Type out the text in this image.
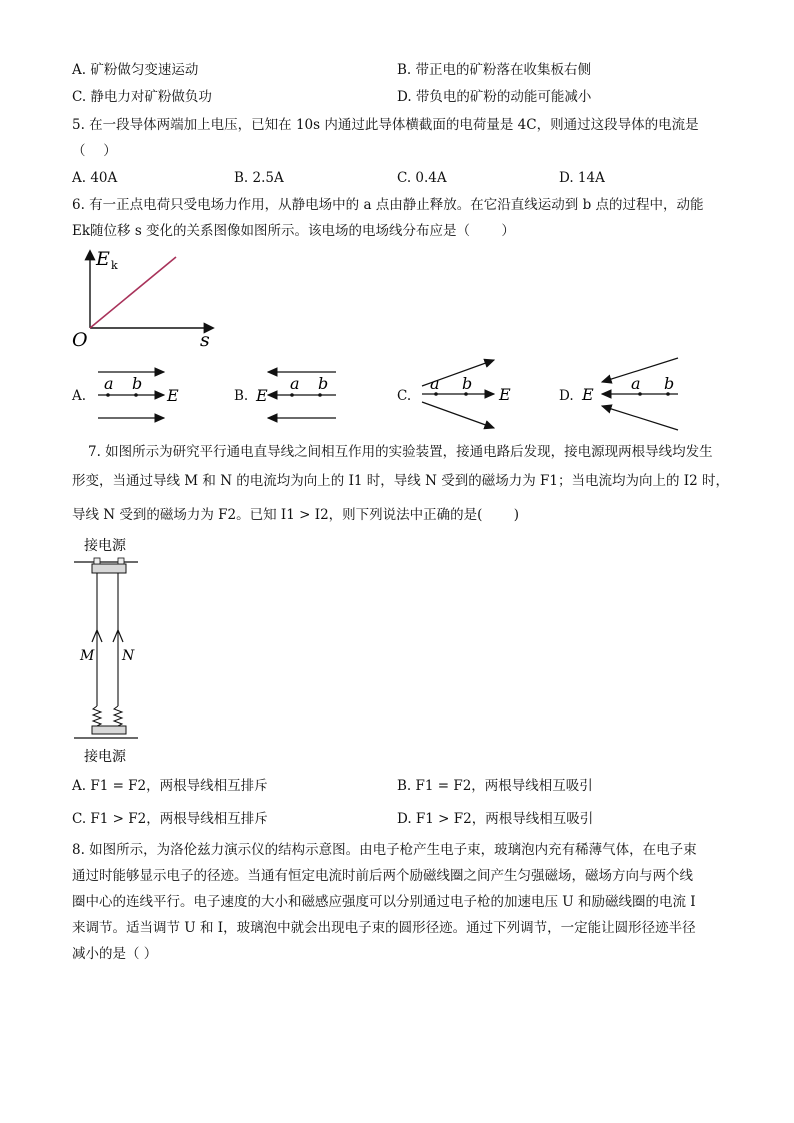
A. 矿粉做匀变速运动	B. 带正电的矿粉落在收集板右侧
C. 静电力对矿粉做负功	D. 带负电的矿粉的动能可能减小
5. 在一段导体两端加上电压，已知在 10s 内通过此导体横截面的电荷量是 4C，则通过这段导体的电流是
（　 ）
A. 40A	B. 2.5A	C. 0.4A	D. 14A
6. 有一正点电荷只受电场力作用，从静电场中的 a 点由静止释放。在它沿直线运动到 b 点的过程中，动能
Ek随位移 s 变化的关系图像如图所示。该电场的电场线分布应是（　 　）
E k
O	s
A.	B.	C.	D.
a b
E	E
a b	a b
E	E
a b
7. 如图所示为研究平行通电直导线之间相互作用的实验装置，接通电路后发现，接电源现两根导线均发生
形变，当通过导线 M 和 N 的电流均为向上的 I1 时，导线 N 受到的磁场力为 F1；当电流均为向上的 I2 时，
导线 N 受到的磁场力为 F2。已知 I1 > I2，则下列说法中正确的是(　 　)
接电源
M N
接电源
A. F1 = F2，两根导线相互排斥	B. F1 = F2，两根导线相互吸引
C. F1 > F2，两根导线相互排斥	D. F1 > F2，两根导线相互吸引
8. 如图所示，为洛伦兹力演示仪的结构示意图。由电子枪产生电子束，玻璃泡内充有稀薄气体，在电子束
通过时能够显示电子的径迹。当通有恒定电流时前后两个励磁线圈之间产生匀强磁场，磁场方向与两个线
圈中心的连线平行。电子速度的大小和磁感应强度可以分别通过电子枪的加速电压 U 和励磁线圈的电流 I
来调节。适当调节 U 和 I，玻璃泡中就会出现电子束的圆形径迹。通过下列调节，一定能让圆形径迹半径
减小的是（ ）
